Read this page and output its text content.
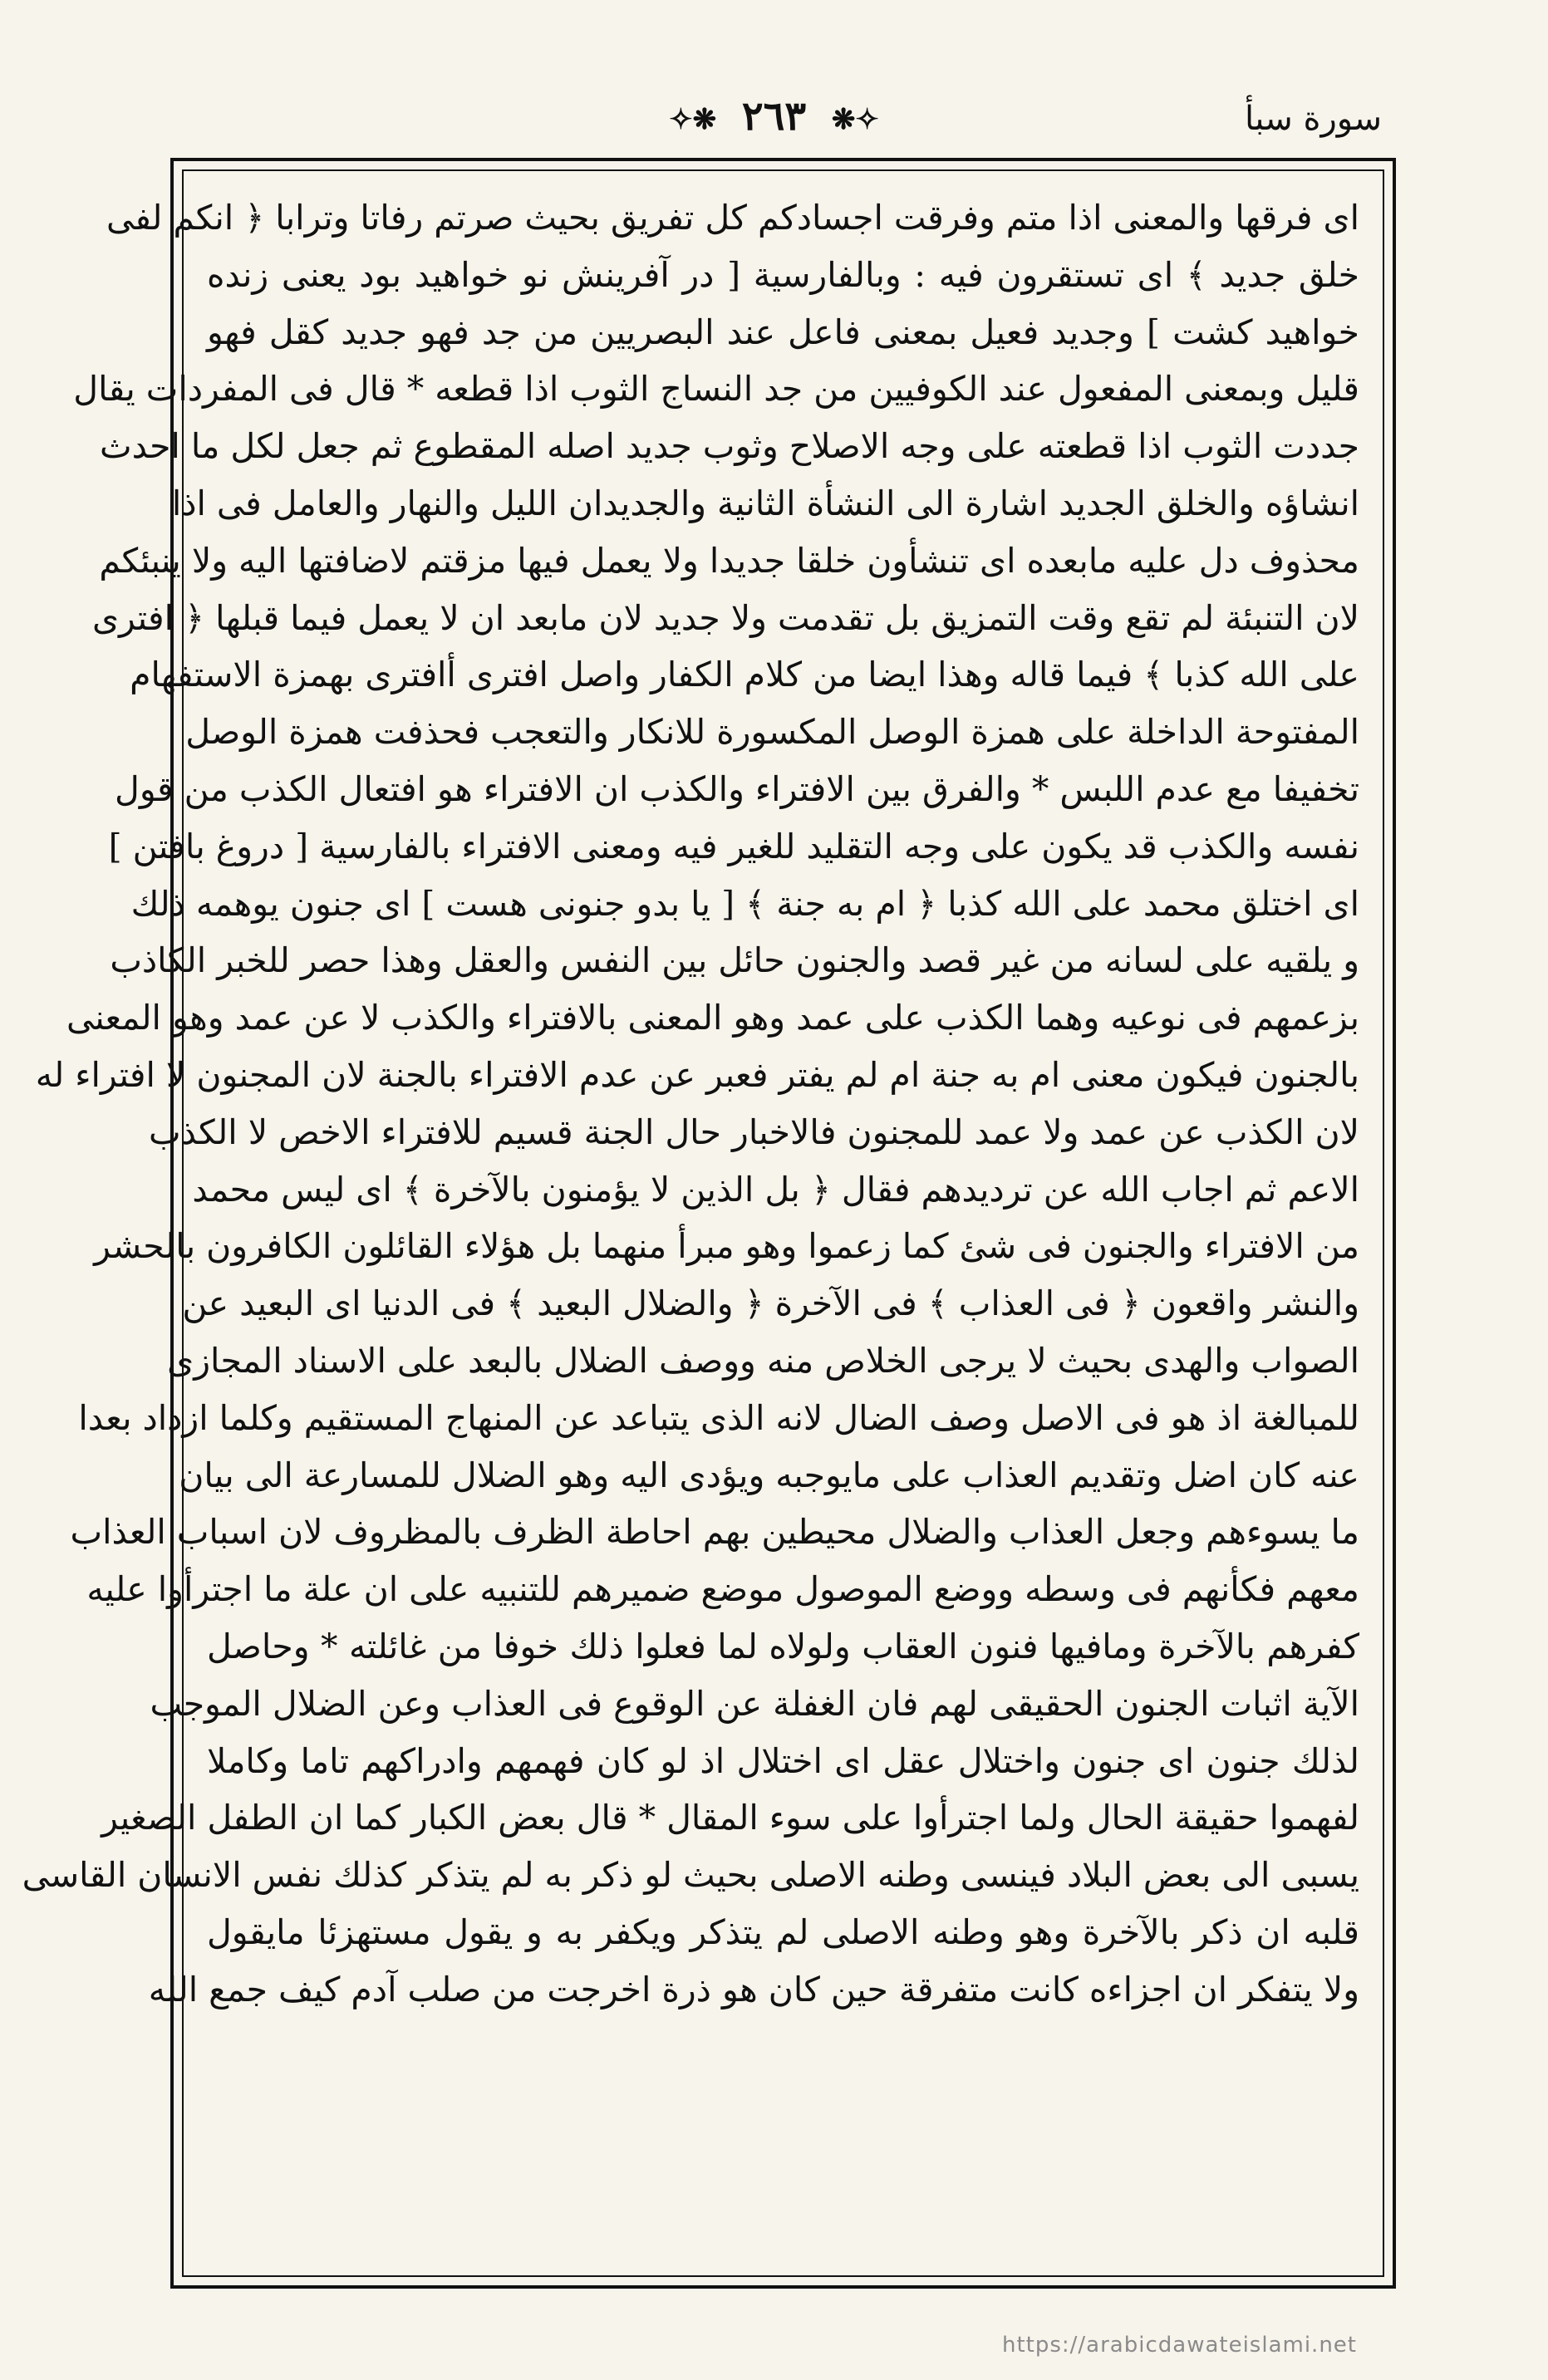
سورة سبأ
✧❋ ٢٦٣ ❋✧
اى فرقها والمعنى اذا متم وفرقت اجسادكم كل تفريق بحيث صرتم رفاتا وترابا ﴿ انكم لفى
خلق جديد ﴾ اى تستقرون فيه : وبالفارسية [ در آفرينش نو خواهيد بود يعنى زنده
خواهيد كشت ] وجديد فعيل بمعنى فاعل عند البصريين من جد فهو جديد كقل فهو
قليل وبمعنى المفعول عند الكوفيين من جد النساج الثوب اذا قطعه * قال فى المفردات يقال
جددت الثوب اذا قطعته على وجه الاصلاح وثوب جديد اصله المقطوع ثم جعل لكل ما احدث
انشاؤه والخلق الجديد اشارة الى النشأة الثانية والجديدان الليل والنهار والعامل فى اذا
محذوف دل عليه مابعده اى تنشأون خلقا جديدا ولا يعمل فيها مزقتم لاضافتها اليه ولا ينبئكم
لان التنبئة لم تقع وقت التمزيق بل تقدمت ولا جديد لان مابعد ان لا يعمل فيما قبلها ﴿ افترى
على الله كذبا ﴾ فيما قاله وهذا ايضا من كلام الكفار واصل افترى أافترى بهمزة الاستفهام
المفتوحة الداخلة على همزة الوصل المكسورة للانكار والتعجب فحذفت همزة الوصل
تخفيفا مع عدم اللبس * والفرق بين الافتراء والكذب ان الافتراء هو افتعال الكذب من قول
نفسه والكذب قد يكون على وجه التقليد للغير فيه ومعنى الافتراء بالفارسية [ دروغ بافتن ]
اى اختلق محمد على الله كذبا ﴿ ام به جنة ﴾ [ يا بدو جنونى هست ] اى جنون يوهمه ذلك
و يلقيه على لسانه من غير قصد والجنون حائل بين النفس والعقل وهذا حصر للخبر الكاذب
بزعمهم فى نوعيه وهما الكذب على عمد وهو المعنى بالافتراء والكذب لا عن عمد وهو المعنى
بالجنون فيكون معنى ام به جنة ام لم يفتر فعبر عن عدم الافتراء بالجنة لان المجنون لا افتراء له
لان الكذب عن عمد ولا عمد للمجنون فالاخبار حال الجنة قسيم للافتراء الاخص لا الكذب
الاعم ثم اجاب الله عن ترديدهم فقال ﴿ بل الذين لا يؤمنون بالآخرة ﴾ اى ليس محمد
من الافتراء والجنون فى شئ كما زعموا وهو مبرأ منهما بل هؤلاء القائلون الكافرون بالحشر
والنشر واقعون ﴿ فى العذاب ﴾ فى الآخرة ﴿ والضلال البعيد ﴾ فى الدنيا اى البعيد عن
الصواب والهدى بحيث لا يرجى الخلاص منه ووصف الضلال بالبعد على الاسناد المجازى
للمبالغة اذ هو فى الاصل وصف الضال لانه الذى يتباعد عن المنهاج المستقيم وكلما ازداد بعدا
عنه كان اضل وتقديم العذاب على مايوجبه ويؤدى اليه وهو الضلال للمسارعة الى بيان
ما يسوءهم وجعل العذاب والضلال محيطين بهم احاطة الظرف بالمظروف لان اسباب العذاب
معهم فكأنهم فى وسطه ووضع الموصول موضع ضميرهم للتنبيه على ان علة ما اجترأوا عليه
كفرهم بالآخرة ومافيها فنون العقاب ولولاه لما فعلوا ذلك خوفا من غائلته * وحاصل
الآية اثبات الجنون الحقيقى لهم فان الغفلة عن الوقوع فى العذاب وعن الضلال الموجب
لذلك جنون اى جنون واختلال عقل اى اختلال اذ لو كان فهمهم وادراكهم تاما وكاملا
لفهموا حقيقة الحال ولما اجترأوا على سوء المقال * قال بعض الكبار كما ان الطفل الصغير
يسبى الى بعض البلاد فينسى وطنه الاصلى بحيث لو ذكر به لم يتذكر كذلك نفس الانسان القاسى
قلبه ان ذكر بالآخرة وهو وطنه الاصلى لم يتذكر ويكفر به و يقول مستهزئا مايقول
ولا يتفكر ان اجزاءه كانت متفرقة حين كان هو ذرة اخرجت من صلب آدم كيف جمع الله
https://arabicdawateislami.net
